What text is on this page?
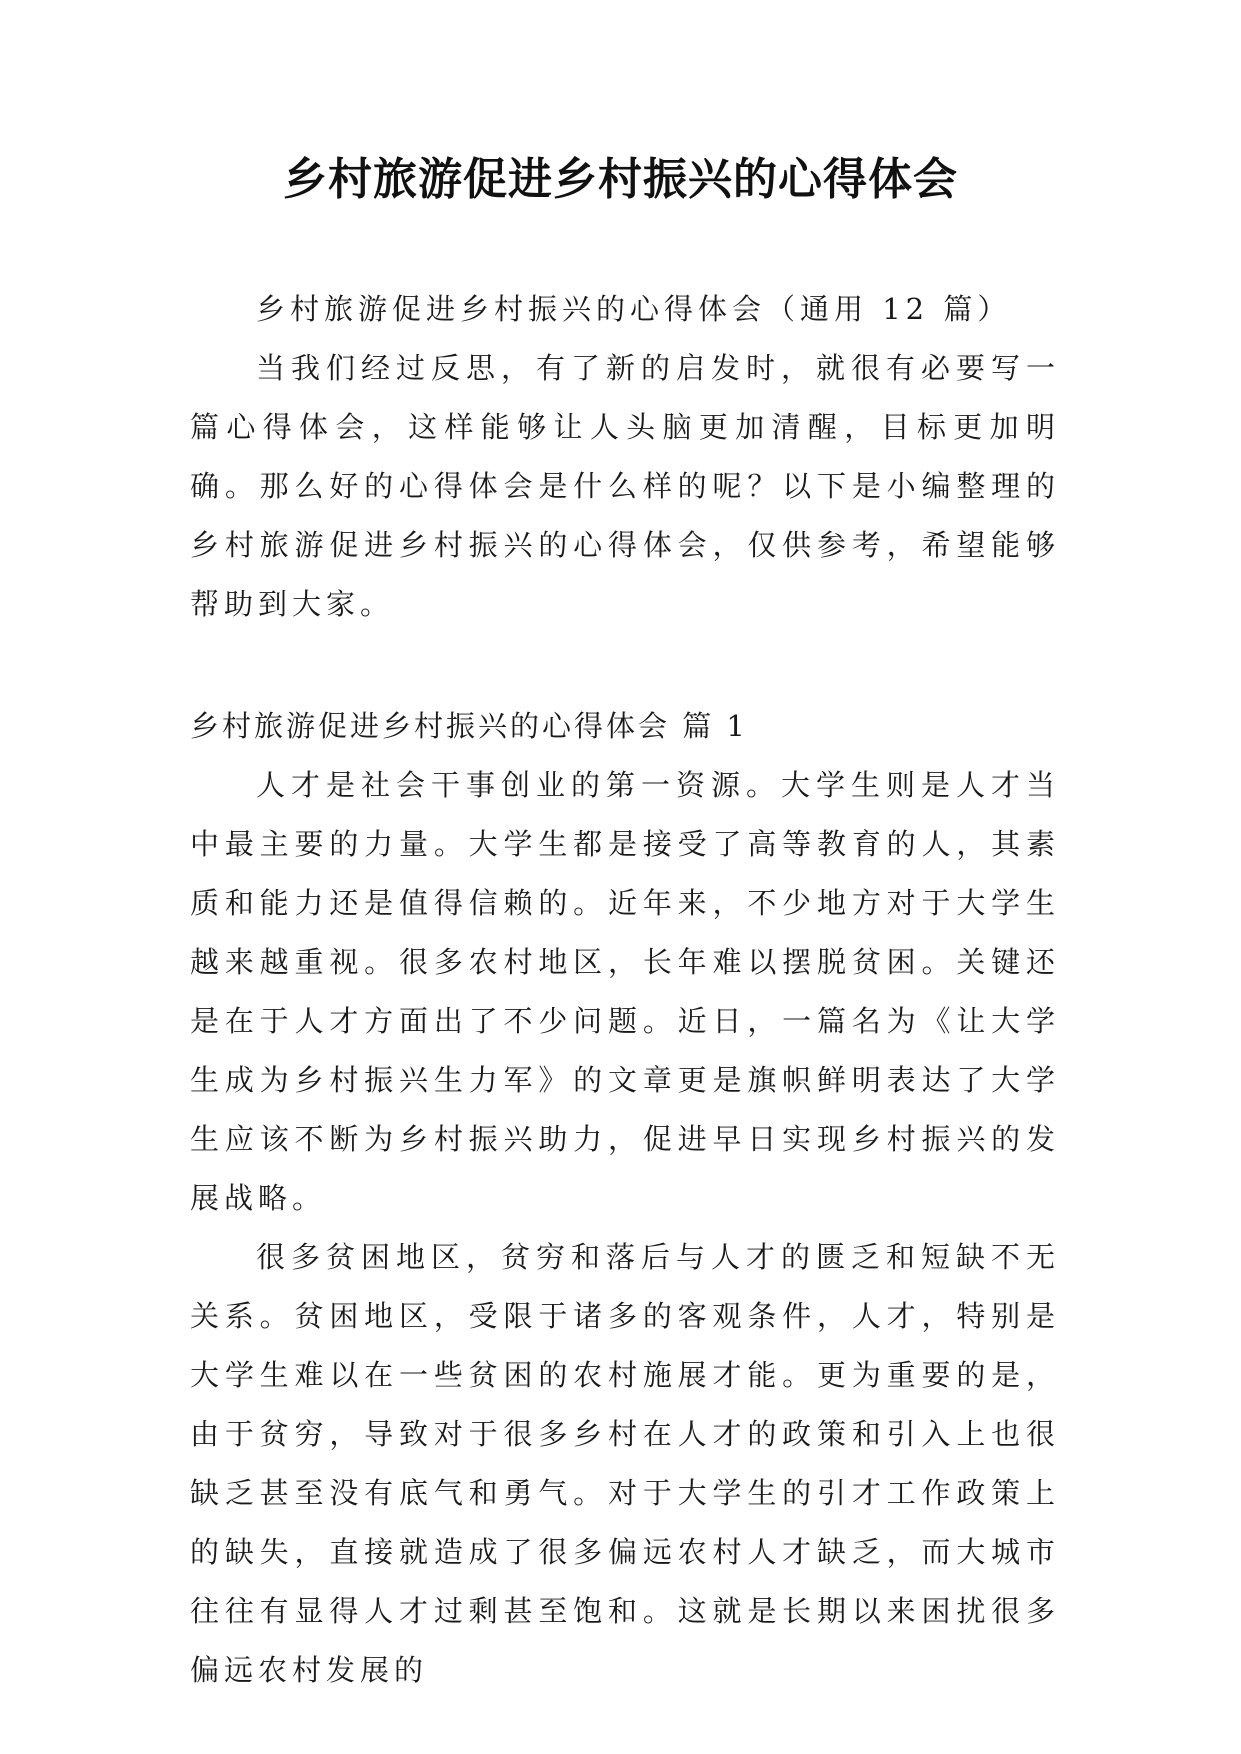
乡村旅游促进乡村振兴的心得体会

乡村旅游促进乡村振兴的心得体会（通用 12 篇）

当我们经过反思，有了新的启发时，就很有必要写一篇心得体会，这样能够让人头脑更加清醒，目标更加明确。那么好的心得体会是什么样的呢？以下是小编整理的乡村旅游促进乡村振兴的心得体会，仅供参考，希望能够帮助到大家。

乡村旅游促进乡村振兴的心得体会 篇 1

人才是社会干事创业的第一资源。大学生则是人才当中最主要的力量。大学生都是接受了高等教育的人，其素质和能力还是值得信赖的。近年来，不少地方对于大学生越来越重视。很多农村地区，长年难以摆脱贫困。关键还是在于人才方面出了不少问题。近日，一篇名为《让大学生成为乡村振兴生力军》的文章更是旗帜鲜明表达了大学生应该不断为乡村振兴助力，促进早日实现乡村振兴的发展战略。

很多贫困地区，贫穷和落后与人才的匮乏和短缺不无关系。贫困地区，受限于诸多的客观条件，人才，特别是大学生难以在一些贫困的农村施展才能。更为重要的是，由于贫穷，导致对于很多乡村在人才的政策和引入上也很缺乏甚至没有底气和勇气。对于大学生的引才工作政策上的缺失，直接就造成了很多偏远农村人才缺乏，而大城市往往有显得人才过剩甚至饱和。这就是长期以来困扰很多偏远农村发展的
